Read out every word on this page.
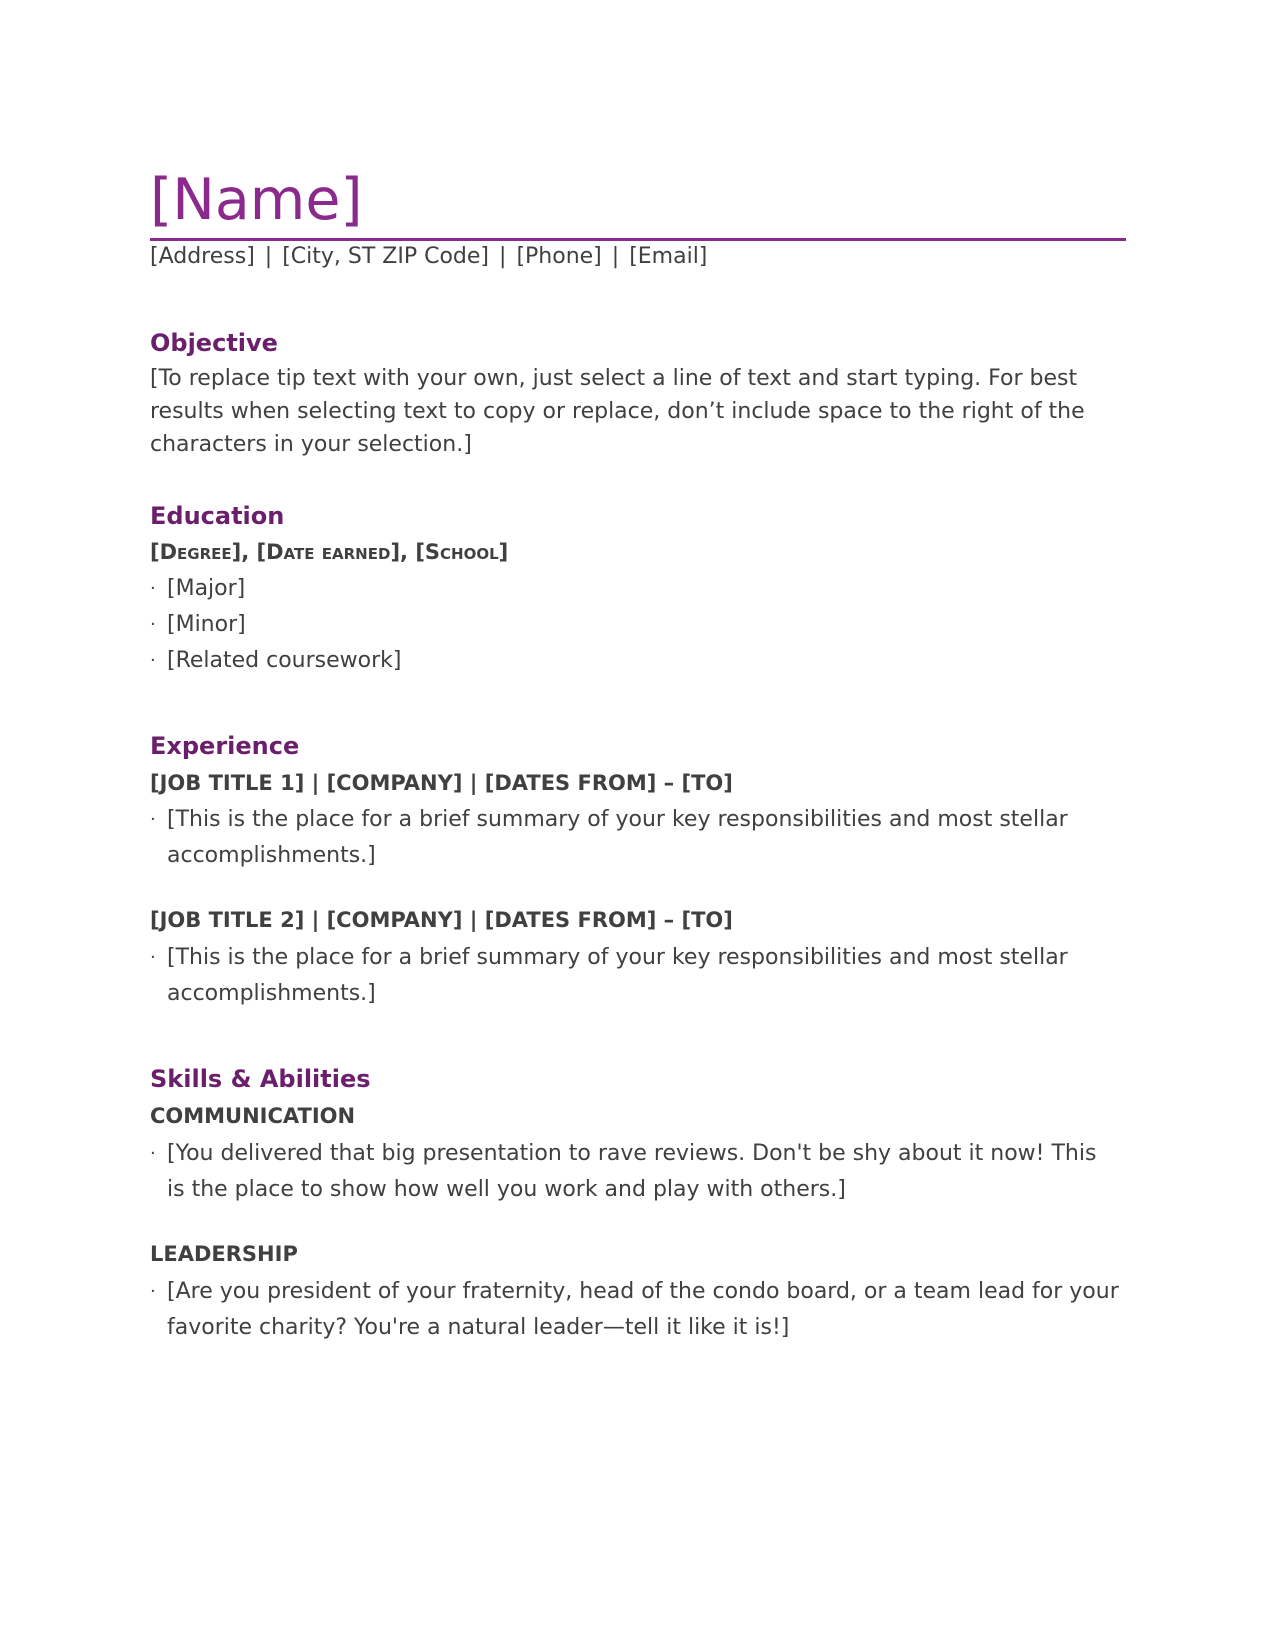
[Name]
[Address] | [City, ST ZIP Code] | [Phone] | [Email]
Objective

[To replace tip text with your own, just select a line of text and start typing. For best results when selecting text to copy or replace, don’t include space to the right of the characters in your selection.]

Education

[Degree], [Date earned], [School]

· [Major]
· [Minor]
· [Related coursework]
Experience

[JOB TITLE 1] | [COMPANY] | [DATES FROM] – [TO]

· [This is the place for a brief summary of your key responsibilities and most stellar accomplishments.]

[JOB TITLE 2] | [COMPANY] | [DATES FROM] – [TO]

· [This is the place for a brief summary of your key responsibilities and most stellar accomplishments.]
Skills & Abilities

COMMUNICATION

· [You delivered that big presentation to rave reviews. Don't be shy about it now! This is the place to show how well you work and play with others.]

LEADERSHIP

· [Are you president of your fraternity, head of the condo board, or a team lead for your favorite charity? You're a natural leader—tell it like it is!]
